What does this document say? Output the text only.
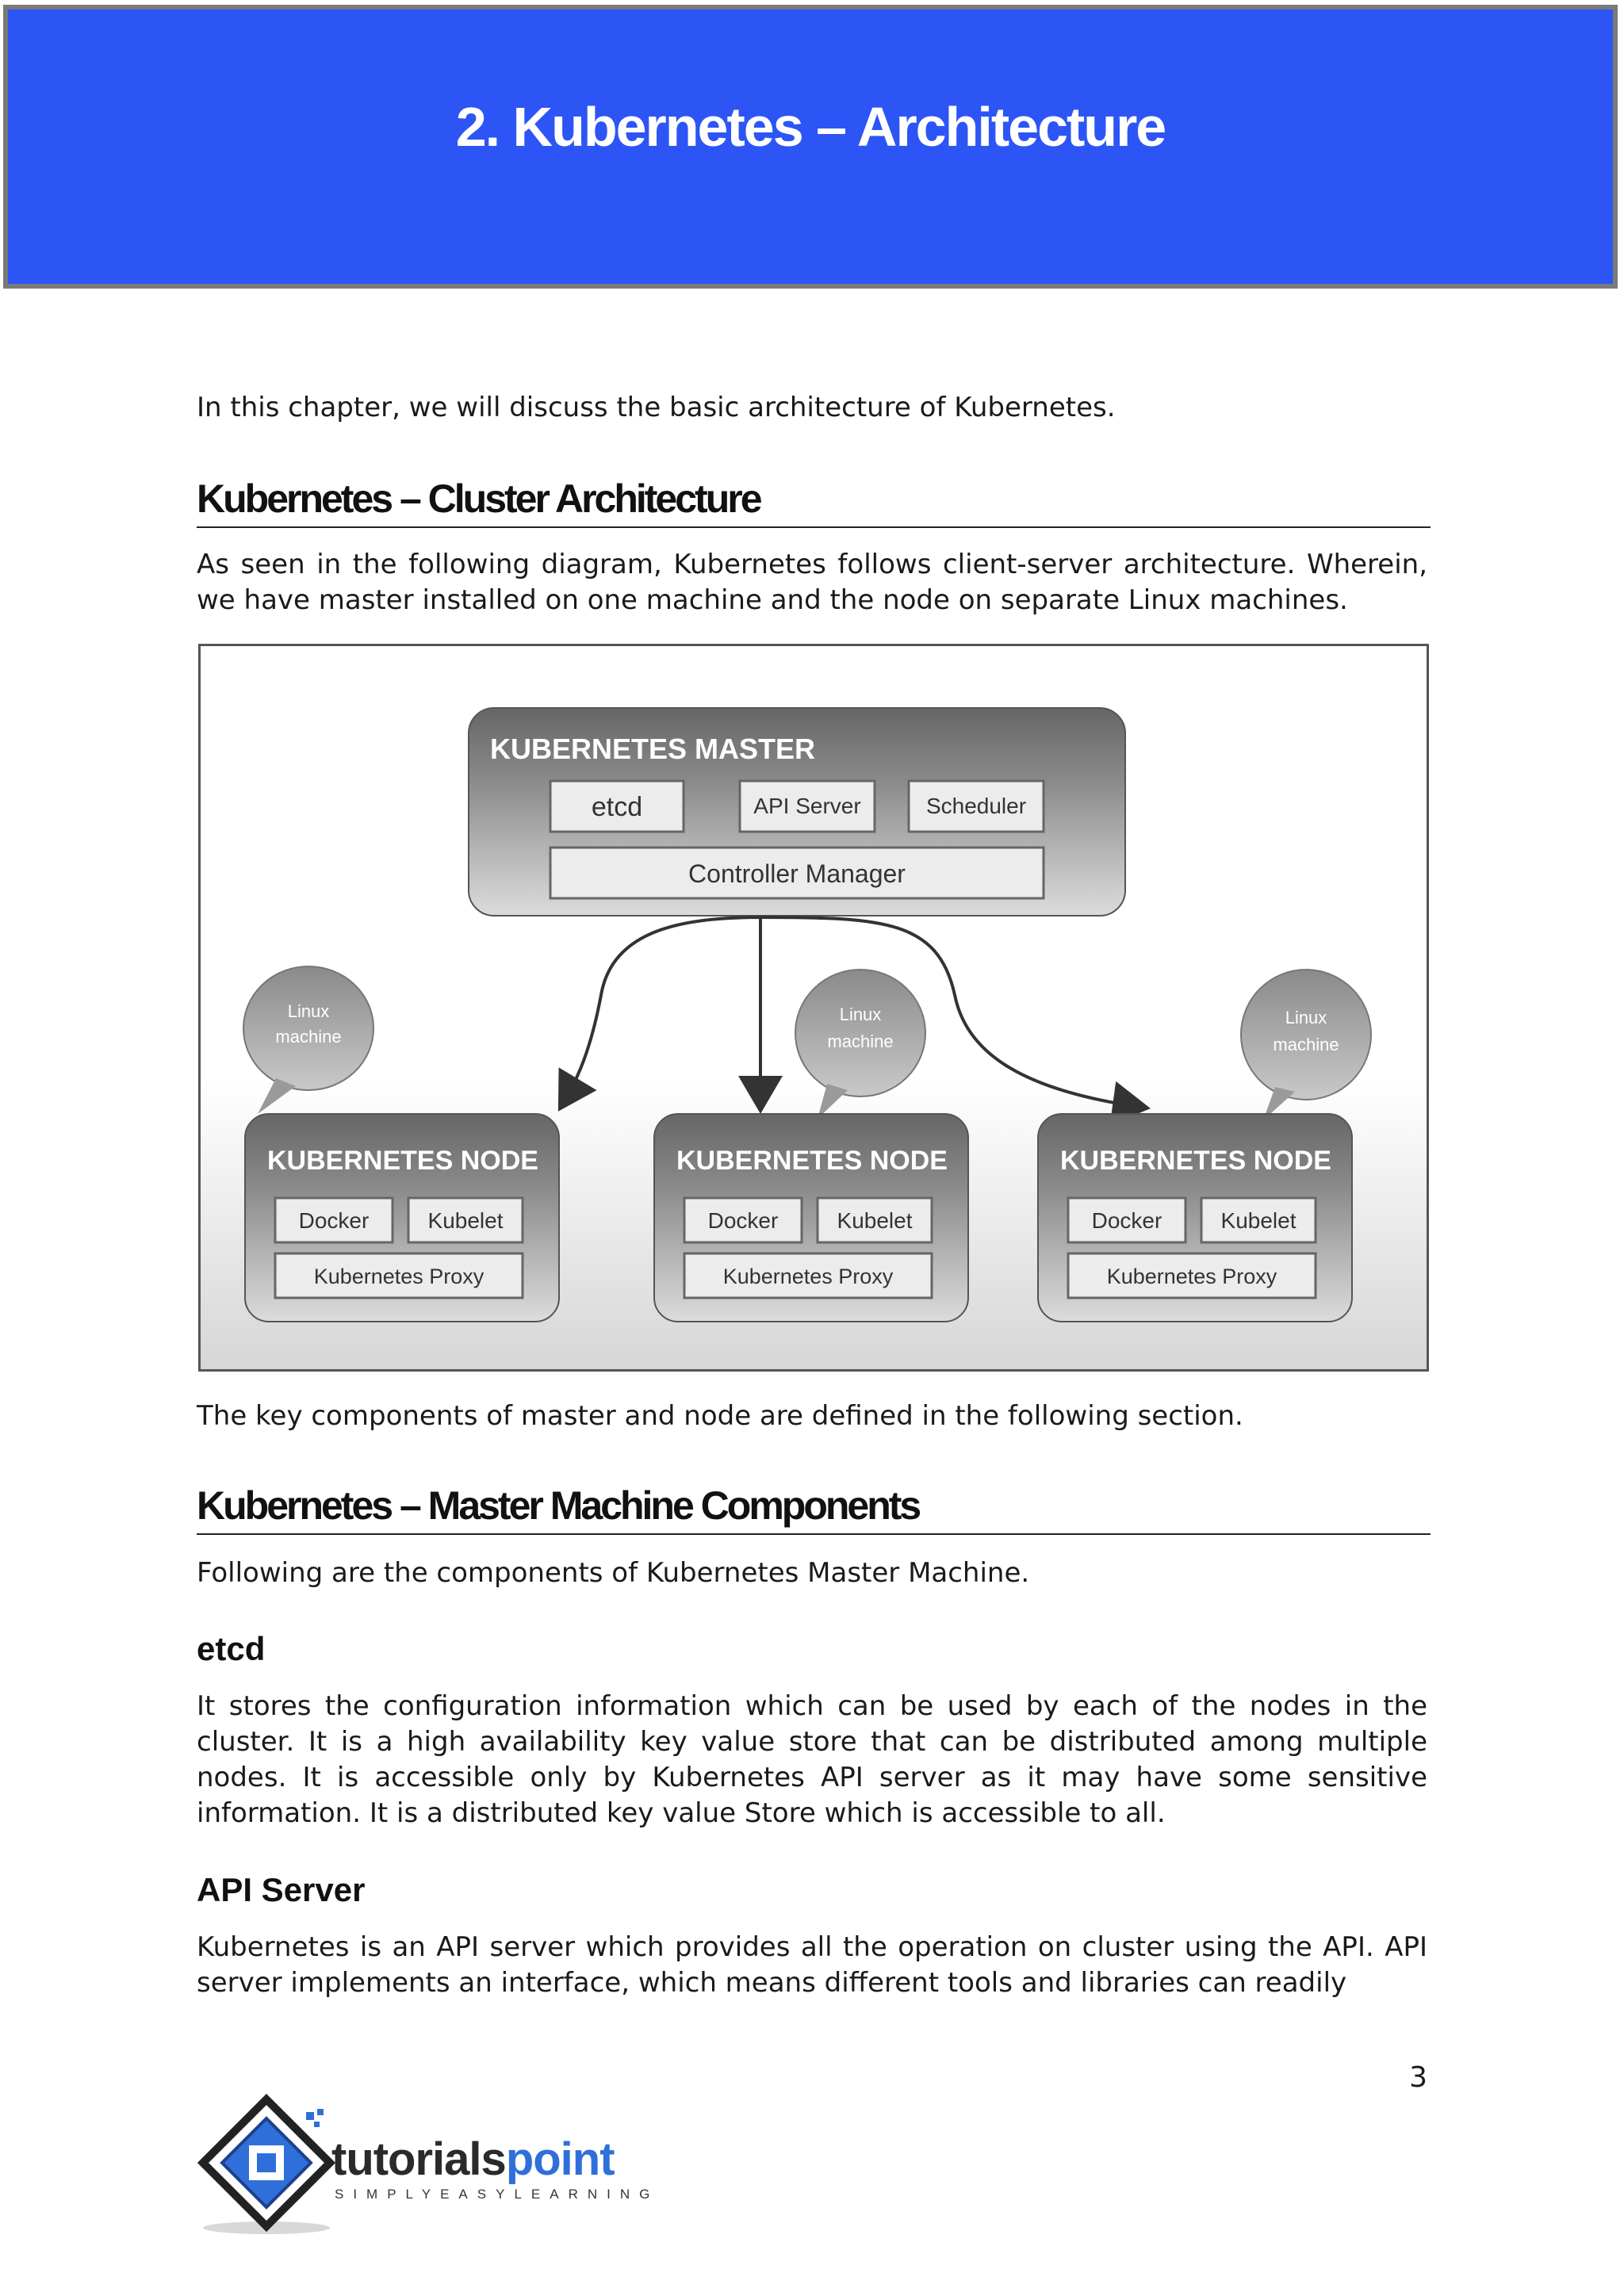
2. Kubernetes – Architecture
In this chapter, we will discuss the basic architecture of Kubernetes.
Kubernetes – Cluster Architecture
As seen in the following diagram, Kubernetes follows client-server architecture. Wherein, we have master installed on one machine and the node on separate Linux machines.
KUBERNETES MASTER
etcd	API Server	Scheduler
Controller Manager
Linux
machine
Linux
machine
Linux
machine
KUBERNETES NODE
Docker	Kubelet
Kubernetes Proxy
KUBERNETES NODE
Docker	Kubelet
Kubernetes Proxy
KUBERNETES NODE
Docker	Kubelet
Kubernetes Proxy
The key components of master and node are defined in the following section.
Kubernetes – Master Machine Components
Following are the components of Kubernetes Master Machine.
etcd
It stores the configuration information which can be used by each of the nodes in the cluster. It is a high availability key value store that can be distributed among multiple nodes. It is accessible only by Kubernetes API server as it may have some sensitive information. It is a distributed key value Store which is accessible to all.
API Server
Kubernetes is an API server which provides all the operation on cluster using the API. API server implements an interface, which means different tools and libraries can readily
3
tutorialspoint
SIMPLYEASYLEARNING
